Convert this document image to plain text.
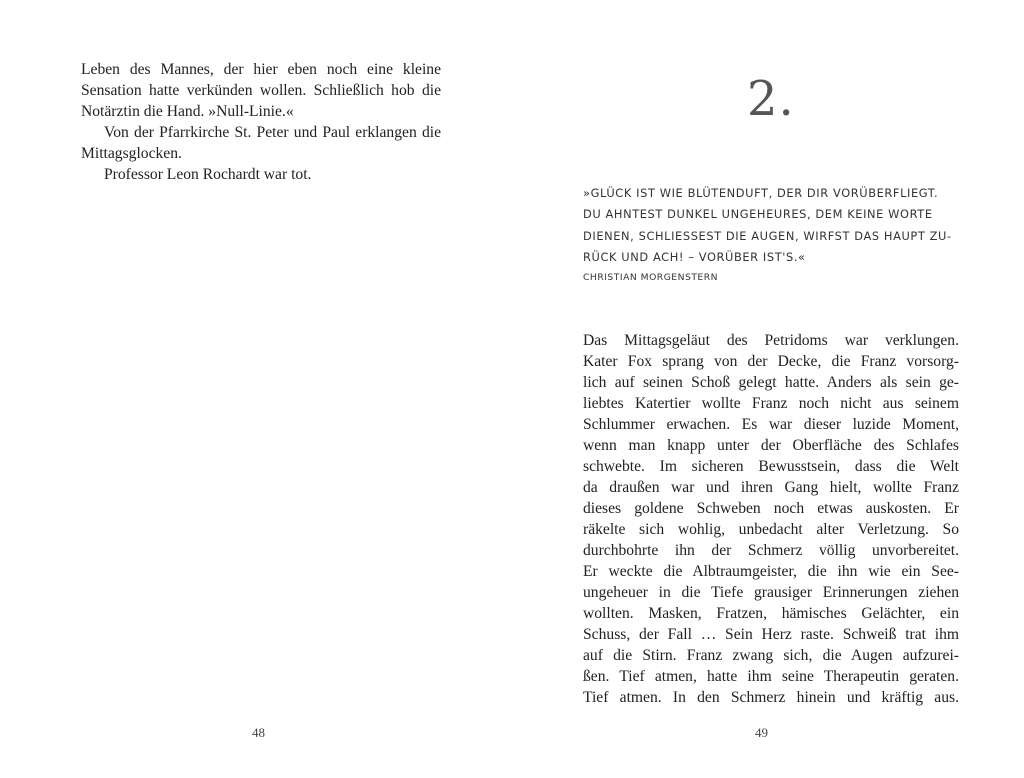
Leben des Mannes, der hier eben noch eine kleine Sensation hatte verkünden wollen. Schließlich hob die Notärztin die Hand. »Null-Linie.«

Von der Pfarrkirche St. Peter und Paul erklangen die Mittagsglocken.

Professor Leon Rochardt war tot.

48
2.
»GLÜCK IST WIE BLÜTENDUFT, DER DIR VORÜBERFLIEGT.
DU AHNTEST DUNKEL UNGEHEURES, DEM KEINE WORTE
DIENEN, SCHLIESSEST DIE AUGEN, WIRFST DAS HAUPT ZU-
RÜCK UND ACH! – VORÜBER IST'S.«
CHRISTIAN MORGENSTERN
Das Mittagsgeläut des Petridoms war verklungen.
Kater Fox sprang von der Decke, die Franz vorsorg-
lich auf seinen Schoß gelegt hatte. Anders als sein ge-
liebtes Katertier wollte Franz noch nicht aus seinem
Schlummer erwachen. Es war dieser luzide Moment,
wenn man knapp unter der Oberfläche des Schlafes
schwebte. Im sicheren Bewusstsein, dass die Welt
da draußen war und ihren Gang hielt, wollte Franz
dieses goldene Schweben noch etwas auskosten. Er
räkelte sich wohlig, unbedacht alter Verletzung. So
durchbohrte ihn der Schmerz völlig unvorbereitet.
Er weckte die Albtraumgeister, die ihn wie ein See-
ungeheuer in die Tiefe grausiger Erinnerungen ziehen
wollten. Masken, Fratzen, hämisches Gelächter, ein
Schuss, der Fall … Sein Herz raste. Schweiß trat ihm
auf die Stirn. Franz zwang sich, die Augen aufzurei-
ßen. Tief atmen, hatte ihm seine Therapeutin geraten.
Tief atmen. In den Schmerz hinein und kräftig aus.
49
